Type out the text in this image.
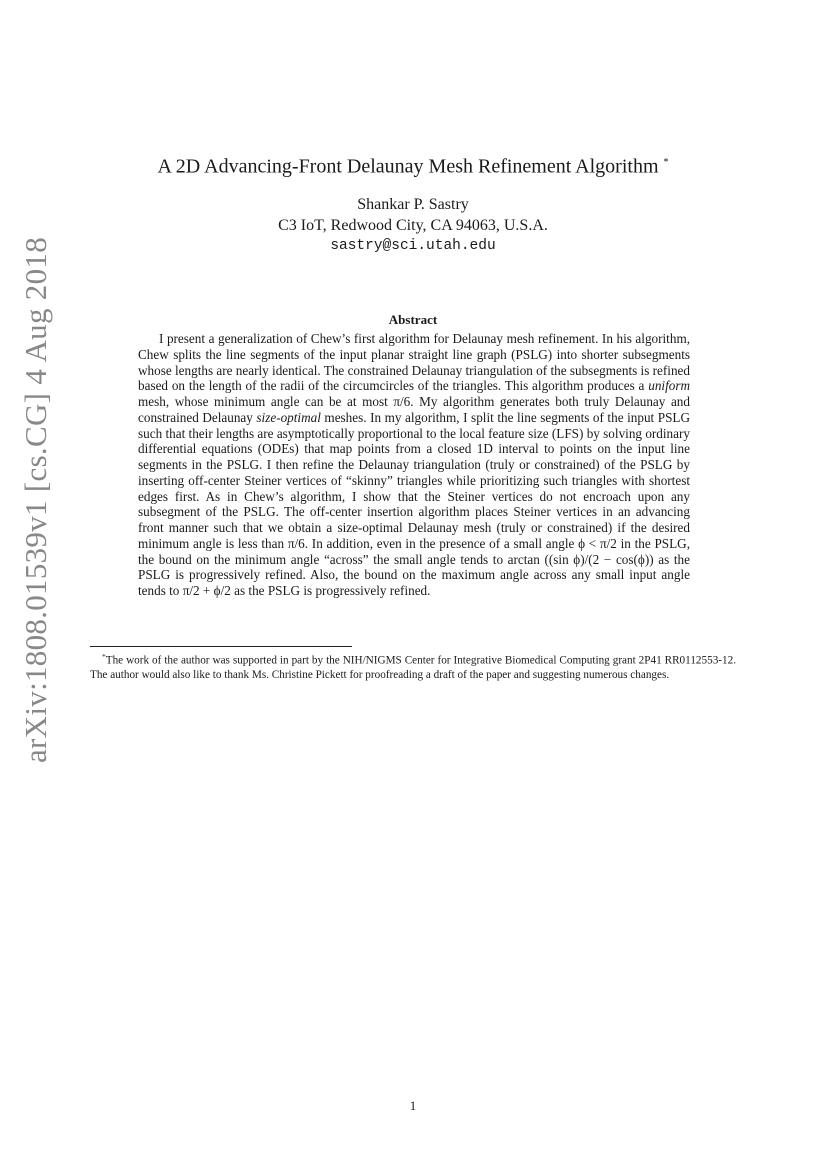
arXiv:1808.01539v1 [cs.CG] 4 Aug 2018
A 2D Advancing-Front Delaunay Mesh Refinement Algorithm *
Shankar P. Sastry
C3 IoT, Redwood City, CA 94063, U.S.A.
sastry@sci.utah.edu
Abstract

I present a generalization of Chew’s first algorithm for Delaunay mesh refinement. In his algorithm, Chew splits the line segments of the input planar straight line graph (PSLG) into shorter subsegments whose lengths are nearly identical. The constrained Delaunay triangulation of the subsegments is refined based on the length of the radii of the circumcircles of the triangles. This algorithm produces a uniform mesh, whose minimum angle can be at most π/6. My algorithm generates both truly Delaunay and constrained Delaunay size-optimal meshes. In my algorithm, I split the line segments of the input PSLG such that their lengths are asymptotically proportional to the local feature size (LFS) by solving ordinary differential equations (ODEs) that map points from a closed 1D interval to points on the input line segments in the PSLG. I then refine the Delaunay triangulation (truly or constrained) of the PSLG by inserting off-center Steiner vertices of “skinny” triangles while prioritizing such triangles with shortest edges first. As in Chew’s algorithm, I show that the Steiner vertices do not encroach upon any subsegment of the PSLG. The off-center insertion algorithm places Steiner vertices in an advancing front manner such that we obtain a size-optimal Delaunay mesh (truly or constrained) if the desired minimum angle is less than π/6. In addition, even in the presence of a small angle ϕ < π/2 in the PSLG, the bound on the minimum angle “across” the small angle tends to arctan ((sin ϕ)/(2 − cos(ϕ)) as the PSLG is progressively refined. Also, the bound on the maximum angle across any small input angle tends to π/2 + ϕ/2 as the PSLG is progressively refined.

*The work of the author was supported in part by the NIH/NIGMS Center for Integrative Biomedical Computing grant 2P41 RR0112553-12. The author would also like to thank Ms. Christine Pickett for proofreading a draft of the paper and suggesting numerous changes.

1
